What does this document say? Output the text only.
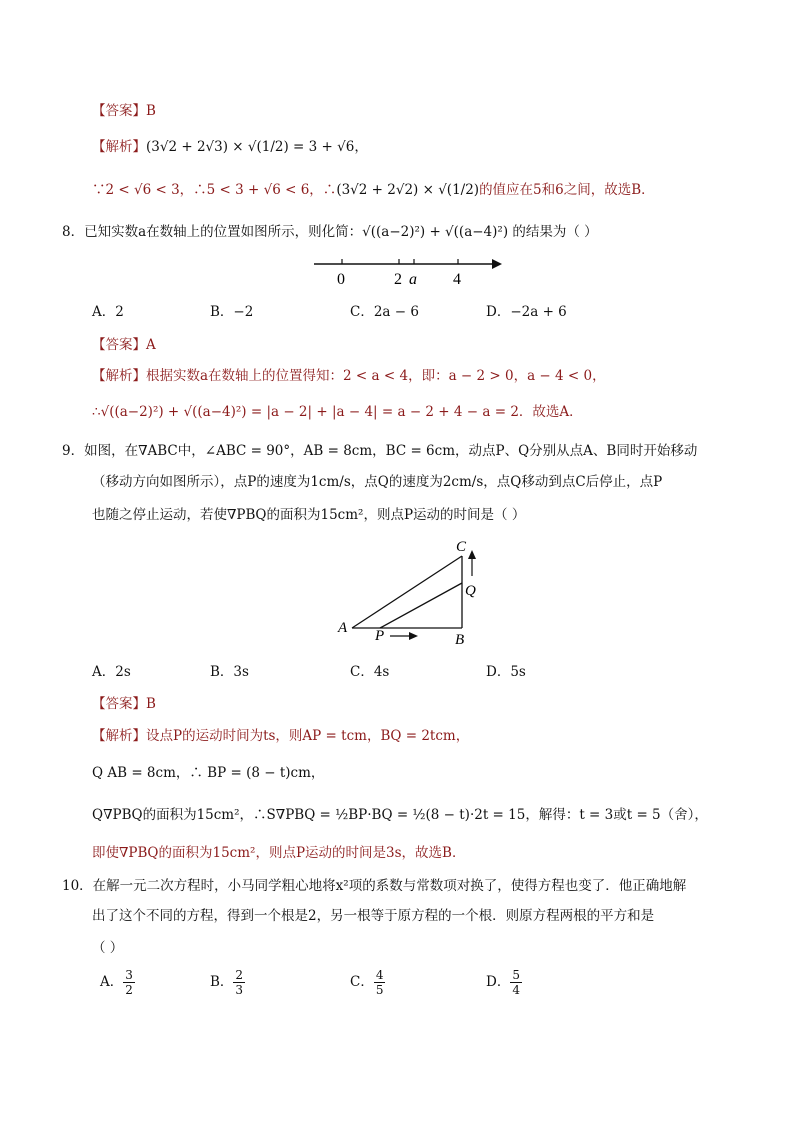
【答案】B
【解析】(3√2 + 2√3) × √(1/2) = 3 + √6，
∵2 < √6 < 3，∴5 < 3 + √6 < 6，∴(3√2 + 2√2) × √(1/2)的值应在5和6之间，故选B．
8．已知实数a在数轴上的位置如图所示，则化简：√((a−2)²) + √((a−4)²) 的结果为（ ）
0	2 a 4
A．2	B．−2	C．2a − 6	D．−2a + 6
【答案】A
【解析】根据实数a在数轴上的位置得知：2 < a < 4，即：a − 2 > 0，a − 4 < 0，
∴√((a−2)²) + √((a−4)²) = |a − 2| + |a − 4| = a − 2 + 4 − a = 2．故选A．
9．如图，在∇ABC中，∠ABC = 90°，AB = 8cm，BC = 6cm，动点P、Q分别从点A、B同时开始移动
（移动方向如图所示），点P的速度为1cm/s，点Q的速度为2cm/s，点Q移动到点C后停止，点P
也随之停止运动，若使∇PBQ的面积为15cm²，则点P运动的时间是（ ）
A
B
C
P
Q
A．2s	B．3s	C．4s	D．5s
【答案】B
【解析】设点P的运动时间为ts，则AP = tcm，BQ = 2tcm，
Q AB = 8cm，∴ BP = (8 − t)cm，
Q∇PBQ的面积为15cm²，∴S∇PBQ = ½BP·BQ = ½(8 − t)·2t = 15，解得：t = 3或t = 5（舍），
即使∇PBQ的面积为15cm²，则点P运动的时间是3s，故选B．
10．在解一元二次方程时，小马同学粗心地将x²项的系数与常数项对换了，使得方程也变了．他正确地解
出了这个不同的方程，得到一个根是2，另一根等于原方程的一个根．则原方程两根的平方和是
（ ）
A． $\frac{3}{2}$	B． $\frac{2}{3}$	C． $\frac{4}{5}$	D． $\frac{5}{4}$
